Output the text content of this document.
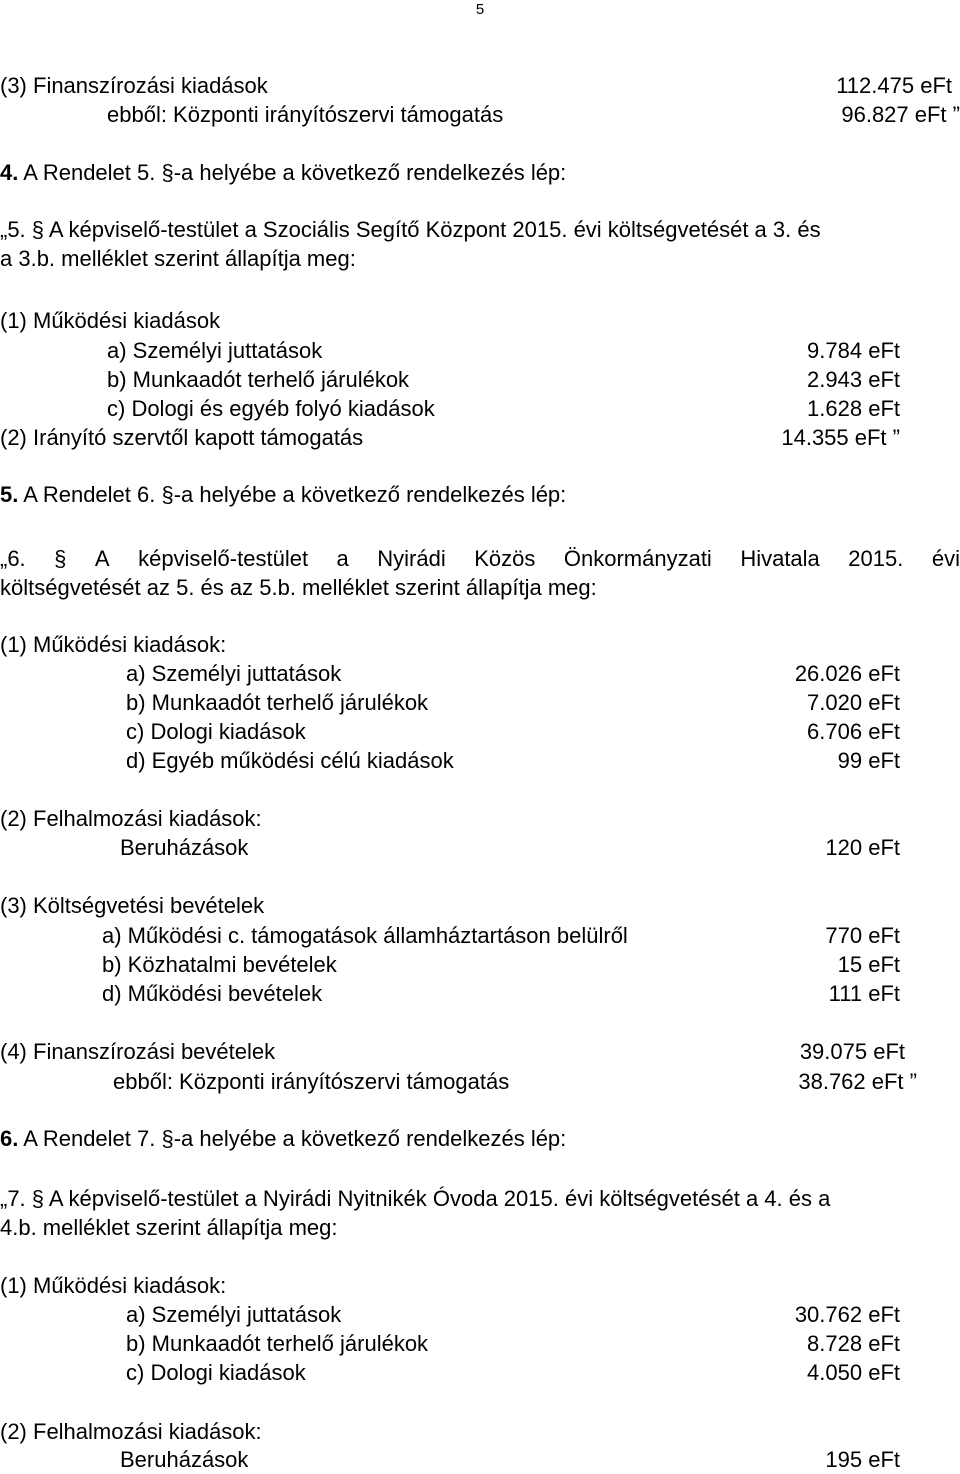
5
(3) Finanszírozási kiadások	112.475 eFt
ebből: Központi irányítószervi támogatás	96.827 eFt ”
4. A Rendelet 5. §-a helyébe a következő rendelkezés lép:
„5. § A képviselő-testület a Szociális Segítő Központ 2015. évi költségvetését a 3. és
a 3.b. melléklet szerint állapítja meg:
(1) Működési kiadások
a) Személyi juttatások	9.784 eFt
b) Munkaadót terhelő járulékok	2.943 eFt
c) Dologi és egyéb folyó kiadások	1.628 eFt
(2) Irányító szervtől kapott támogatás	14.355 eFt ”
5. A Rendelet 6. §-a helyébe a következő rendelkezés lép:
„6. § A képviselő-testület a Nyirádi Közös Önkormányzati Hivatala 2015. évi
költségvetését az 5. és az 5.b. melléklet szerint állapítja meg:
(1) Működési kiadások:
a) Személyi juttatások	26.026 eFt
b) Munkaadót terhelő járulékok	7.020 eFt
c) Dologi kiadások	6.706 eFt
d) Egyéb működési célú kiadások	99 eFt
(2) Felhalmozási kiadások:
Beruházások	120 eFt
(3) Költségvetési bevételek
a) Működési c. támogatások államháztartáson belülről	770 eFt
b) Közhatalmi bevételek	15 eFt
d) Működési bevételek	111 eFt
(4) Finanszírozási bevételek	39.075 eFt
ebből: Központi irányítószervi támogatás	38.762 eFt ”
6. A Rendelet 7. §-a helyébe a következő rendelkezés lép:
„7. § A képviselő-testület a Nyirádi Nyitnikék Óvoda 2015. évi költségvetését a 4. és a
4.b. melléklet szerint állapítja meg:
(1) Működési kiadások:
a) Személyi juttatások	30.762 eFt
b) Munkaadót terhelő járulékok	8.728 eFt
c) Dologi kiadások	4.050 eFt
(2) Felhalmozási kiadások:
Beruházások	195 eFt
